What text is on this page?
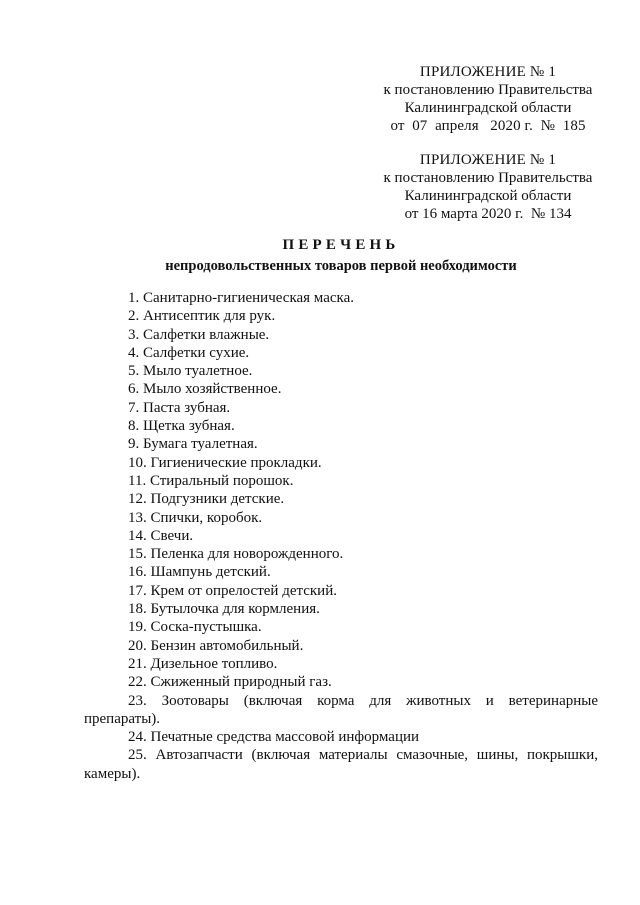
ПРИЛОЖЕНИЕ № 1
к постановлению Правительства
Калининградской области
от  07  апреля   2020 г.  №  185
ПРИЛОЖЕНИЕ № 1
к постановлению Правительства
Калининградской области
от 16 марта 2020 г.  № 134
ПЕРЕЧЕНЬ
непродовольственных товаров первой необходимости
1. Санитарно-гигиеническая маска.
2. Антисептик для рук.
3. Салфетки влажные.
4. Салфетки сухие.
5. Мыло туалетное.
6. Мыло хозяйственное.
7. Паста зубная.
8. Щетка зубная.
9. Бумага туалетная.
10. Гигиенические прокладки.
11. Стиральный порошок.
12. Подгузники детские.
13. Спички, коробок.
14. Свечи.
15. Пеленка для новорожденного.
16. Шампунь детский.
17. Крем от опрелостей детский.
18. Бутылочка для кормления.
19. Соска-пустышка.
20. Бензин автомобильный.
21. Дизельное топливо.
22. Сжиженный природный газ.
23. Зоотовары (включая корма для животных и ветеринарные препараты).
24. Печатные средства массовой информации
25. Автозапчасти (включая материалы смазочные, шины, покрышки, камеры).
